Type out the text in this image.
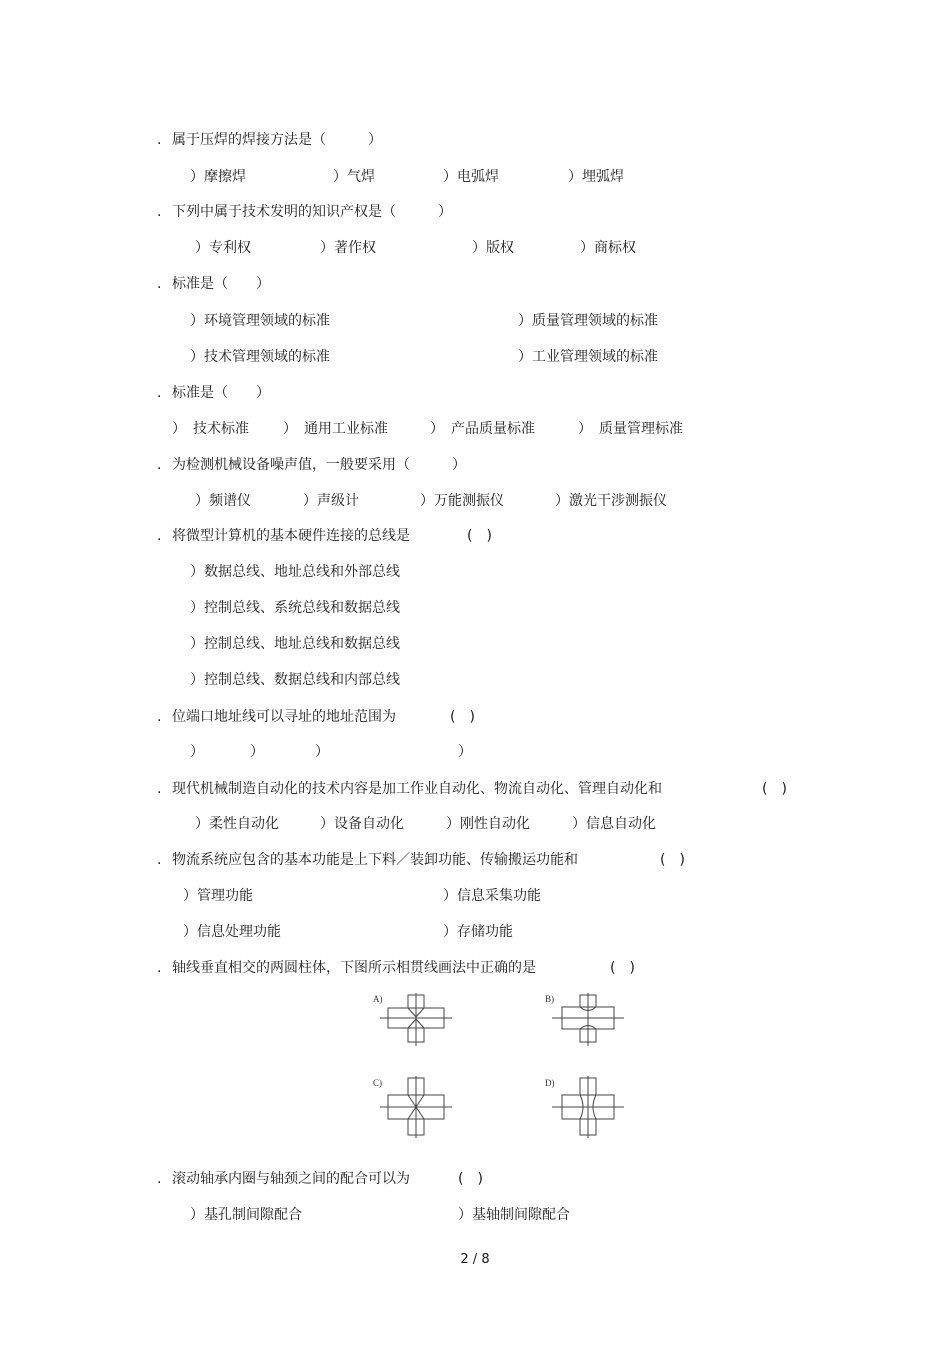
. 属于压焊的焊接方法是（　　　）
）摩擦焊	）气焊	）电弧焊	）埋弧焊
. 下列中属于技术发明的知识产权是（　　　）
）专利权	）著作权	）版权	）商标权
. 标准是（　　）
）环境管理领域的标准	）质量管理领域的标准
）技术管理领域的标准	）工业管理领域的标准
. 标准是（　　）
）　技术标准 ）　通用工业标准	）　产品质量标准	）　质量管理标准
. 为检测机械设备噪声值，一般要采用（　　　）
）频谱仪	）声级计	）万能测振仪	）激光干涉测振仪
. 将微型计算机的基本硬件连接的总线是	(　)
）数据总线、地址总线和外部总线
）控制总线、系统总线和数据总线
）控制总线、地址总线和数据总线
）控制总线、数据总线和内部总线
. 位端口地址线可以寻址的地址范围为	(　)
）	）	）	）
. 现代机械制造自动化的技术内容是加工作业自动化、物流自动化、管理自动化和	(　)
）柔性自动化	）设备自动化	）刚性自动化	）信息自动化
. 物流系统应包含的基本功能是上下料／装卸功能、传输搬运功能和	(　)
）管理功能	）信息采集功能
）信息处理功能	）存储功能
. 轴线垂直相交的两圆柱体，下图所示相贯线画法中正确的是	(　)
A)	B)
C)	D)
. 滚动轴承内圈与轴颈之间的配合可以为	(　)
）基孔制间隙配合	）基轴制间隙配合
2 / 8
